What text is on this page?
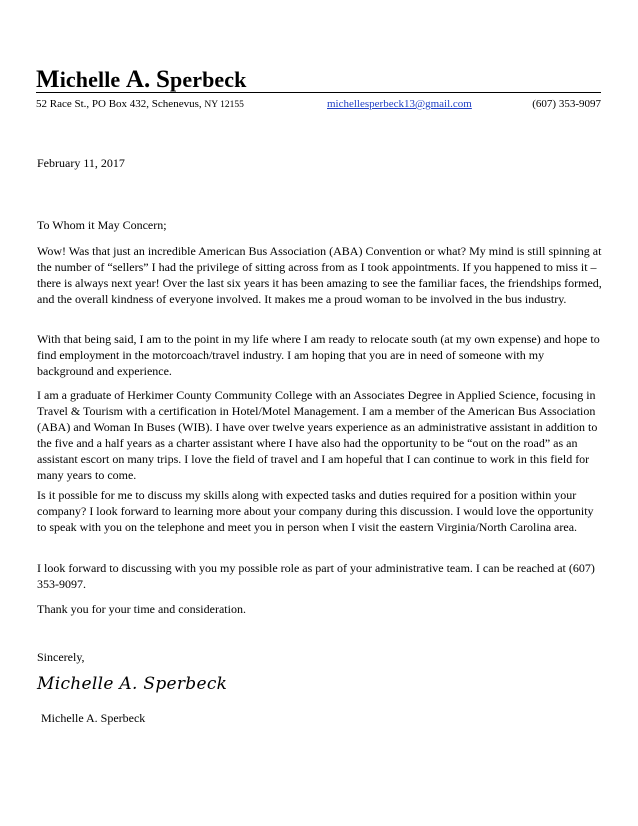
Michelle A. Sperbeck
52 Race St., PO Box 432, Schenevus, NY 12155	michellesperbeck13@gmail.com	(607) 353-9097
February 11, 2017
To Whom it May Concern;
Wow! Was that just an incredible American Bus Association (ABA) Convention or what? My mind is still spinning at the number of “sellers” I had the privilege of sitting across from as I took appointments. If you happened to miss it – there is always next year! Over the last six years it has been amazing to see the familiar faces, the friendships formed, and the overall kindness of everyone involved. It makes me a proud woman to be involved in the bus industry.
With that being said, I am to the point in my life where I am ready to relocate south (at my own expense) and hope to find employment in the motorcoach/travel industry. I am hoping that you are in need of someone with my background and experience.
I am a graduate of Herkimer County Community College with an Associates Degree in Applied Science, focusing in Travel & Tourism with a certification in Hotel/Motel Management. I am a member of the American Bus Association (ABA) and Woman In Buses (WIB). I have over twelve years experience as an administrative assistant in addition to the five and a half years as a charter assistant where I have also had the opportunity to be “out on the road” as an assistant escort on many trips. I love the field of travel and I am hopeful that I can continue to work in this field for many years to come.
Is it possible for me to discuss my skills along with expected tasks and duties required for a position within your company? I look forward to learning more about your company during this discussion. I would love the opportunity to speak with you on the telephone and meet you in person when I visit the eastern Virginia/North Carolina area.
I look forward to discussing with you my possible role as part of your administrative team. I can be reached at (607) 353-9097.
Thank you for your time and consideration.
Sincerely,
Michelle A. Sperbeck
Michelle A. Sperbeck
